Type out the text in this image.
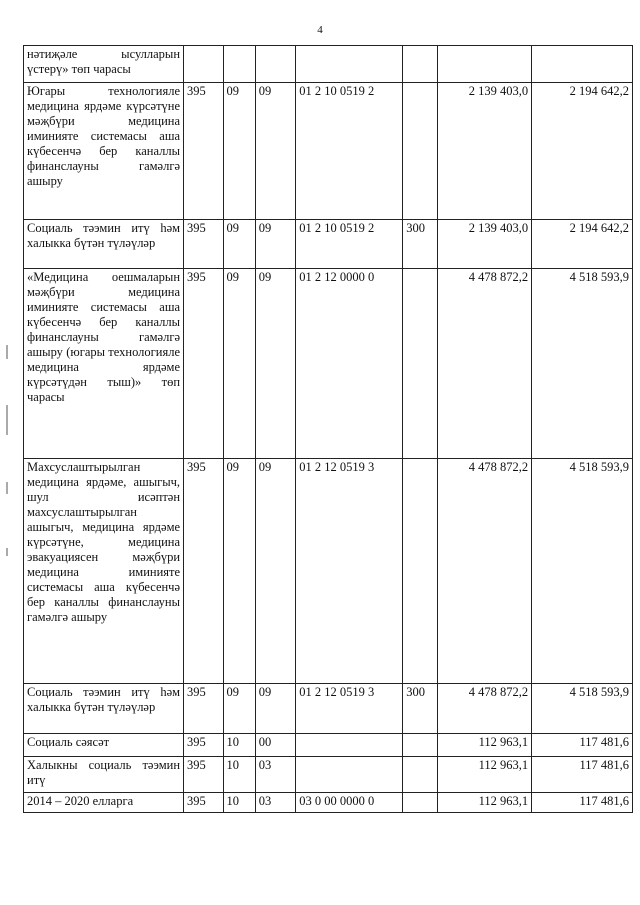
4
нәтиҗәле ысулларын үстерү» төп чарасы							
Югары технологияле медицина ярдәме күрсәтүне мәҗбүри медицина иминияте системасы аша күбесенчә бер каналлы финанслауны гамәлгә ашыру	395	09	09	01 2 10 0519 2		2 139 403,0	2 194 642,2
Социаль тәэмин итү һәм халыкка бүтән түләүләр	395	09	09	01 2 10 0519 2	300	2 139 403,0	2 194 642,2
«Медицина оешмаларын мәҗбүри медицина иминияте системасы аша күбесенчә бер каналлы финанслауны гамәлгә ашыру (югары технологияле медицина ярдәме күрсәтүдән тыш)» төп чарасы	395	09	09	01 2 12 0000 0		4 478 872,2	4 518 593,9
Махсуслаштырылган медицина ярдәме, ашыгыч, шул исәптән махсуслаштырылган ашыгыч, медицина ярдәме күрсәтүне, медицина эвакуациясен мәҗбүри медицина иминияте системасы аша күбесенчә бер каналлы финанслауны гамәлгә ашыру	395	09	09	01 2 12 0519 3		4 478 872,2	4 518 593,9
Социаль тәэмин итү һәм халыкка бүтән түләүләр	395	09	09	01 2 12 0519 3	300	4 478 872,2	4 518 593,9
Социаль сәясәт	395	10	00			112 963,1	117 481,6
Халыкны социаль тәэмин итү	395	10	03			112 963,1	117 481,6
2014 – 2020 елларга	395	10	03	03 0 00 0000 0		112 963,1	117 481,6
